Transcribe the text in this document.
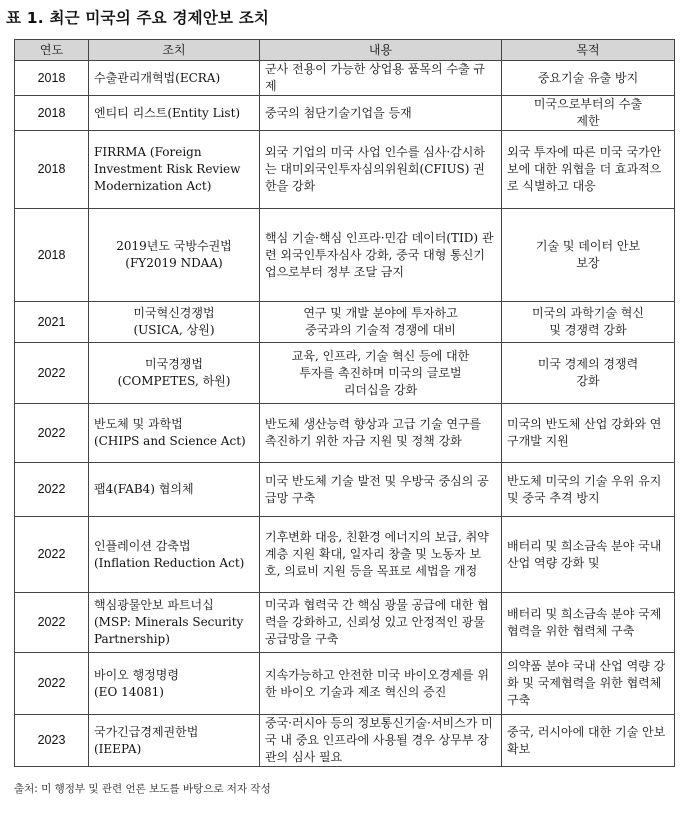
표 1. 최근 미국의 주요 경제안보 조치
연도	조치	내용	목적
2018	수출관리개혁법(ECRA)	군사 전용이 가능한 상업용 품목의 수출 규제	중요기술 유출 방지
2018	엔티티 리스트(Entity List)	중국의 첨단기술기업을 등재	미국으로부터의 수출
제한
2018	FIRRMA (Foreign
Investment Risk Review
Modernization Act)	외국 기업의 미국 사업 인수를 심사·감시하는 대미외국인투자심의위원회(CFIUS) 권한을 강화	외국 투자에 따른 미국 국가안보에 대한 위협을 더 효과적으로 식별하고 대응
2018	2019년도 국방수권법
(FY2019 NDAA)	핵심 기술·핵심 인프라·민감 데이터(TID) 관련 외국인투자심사 강화, 중국 대형 통신기업으로부터 정부 조달 금지	기술 및 데이터 안보
보장
2021	미국혁신경쟁법
(USICA, 상원)	연구 및 개발 분야에 투자하고
중국과의 기술적 경쟁에 대비	미국의 과학기술 혁신
및 경쟁력 강화
2022	미국경쟁법
(COMPETES, 하원)	교육, 인프라, 기술 혁신 등에 대한
투자를 촉진하며 미국의 글로벌
리더십을 강화	미국 경제의 경쟁력
강화
2022	반도체 및 과학법
(CHIPS and Science Act)	반도체 생산능력 향상과 고급 기술 연구를 촉진하기 위한 자금 지원 및 정책 강화	미국의 반도체 산업 강화와 연구개발 지원
2022	팹4(FAB4) 협의체	미국 반도체 기술 발전 및 우방국 중심의 공급망 구축	반도체 미국의 기술 우위 유지 및 중국 추격 방지
2022	인플레이션 감축법
(Inflation Reduction Act)	기후변화 대응, 친환경 에너지의 보급, 취약계층 지원 확대, 일자리 창출 및 노동자 보호, 의료비 지원 등을 목표로 세법을 개정	배터리 및 희소금속 분야 국내 산업 역량 강화 및
2022	핵심광물안보 파트너십
(MSP: Minerals Security
Partnership)	미국과 협력국 간 핵심 광물 공급에 대한 협력을 강화하고, 신뢰성 있고 안정적인 광물 공급망을 구축	배터리 및 희소금속 분야 국제협력을 위한 협력체 구축
2022	바이오 행정명령
(EO 14081)	지속가능하고 안전한 미국 바이오경제를 위한 바이오 기술과 제조 혁신의 증진	의약품 분야 국내 산업 역량 강화 및 국제협력을 위한 협력체 구축
2023	국가긴급경제권한법
(IEEPA)	중국·러시아 등의 정보통신기술·서비스가 미국 내 중요 인프라에 사용될 경우 상무부 장관의 심사 필요	중국, 러시아에 대한 기술 안보 확보
출처: 미 행정부 및 관련 언론 보도를 바탕으로 저자 작성
